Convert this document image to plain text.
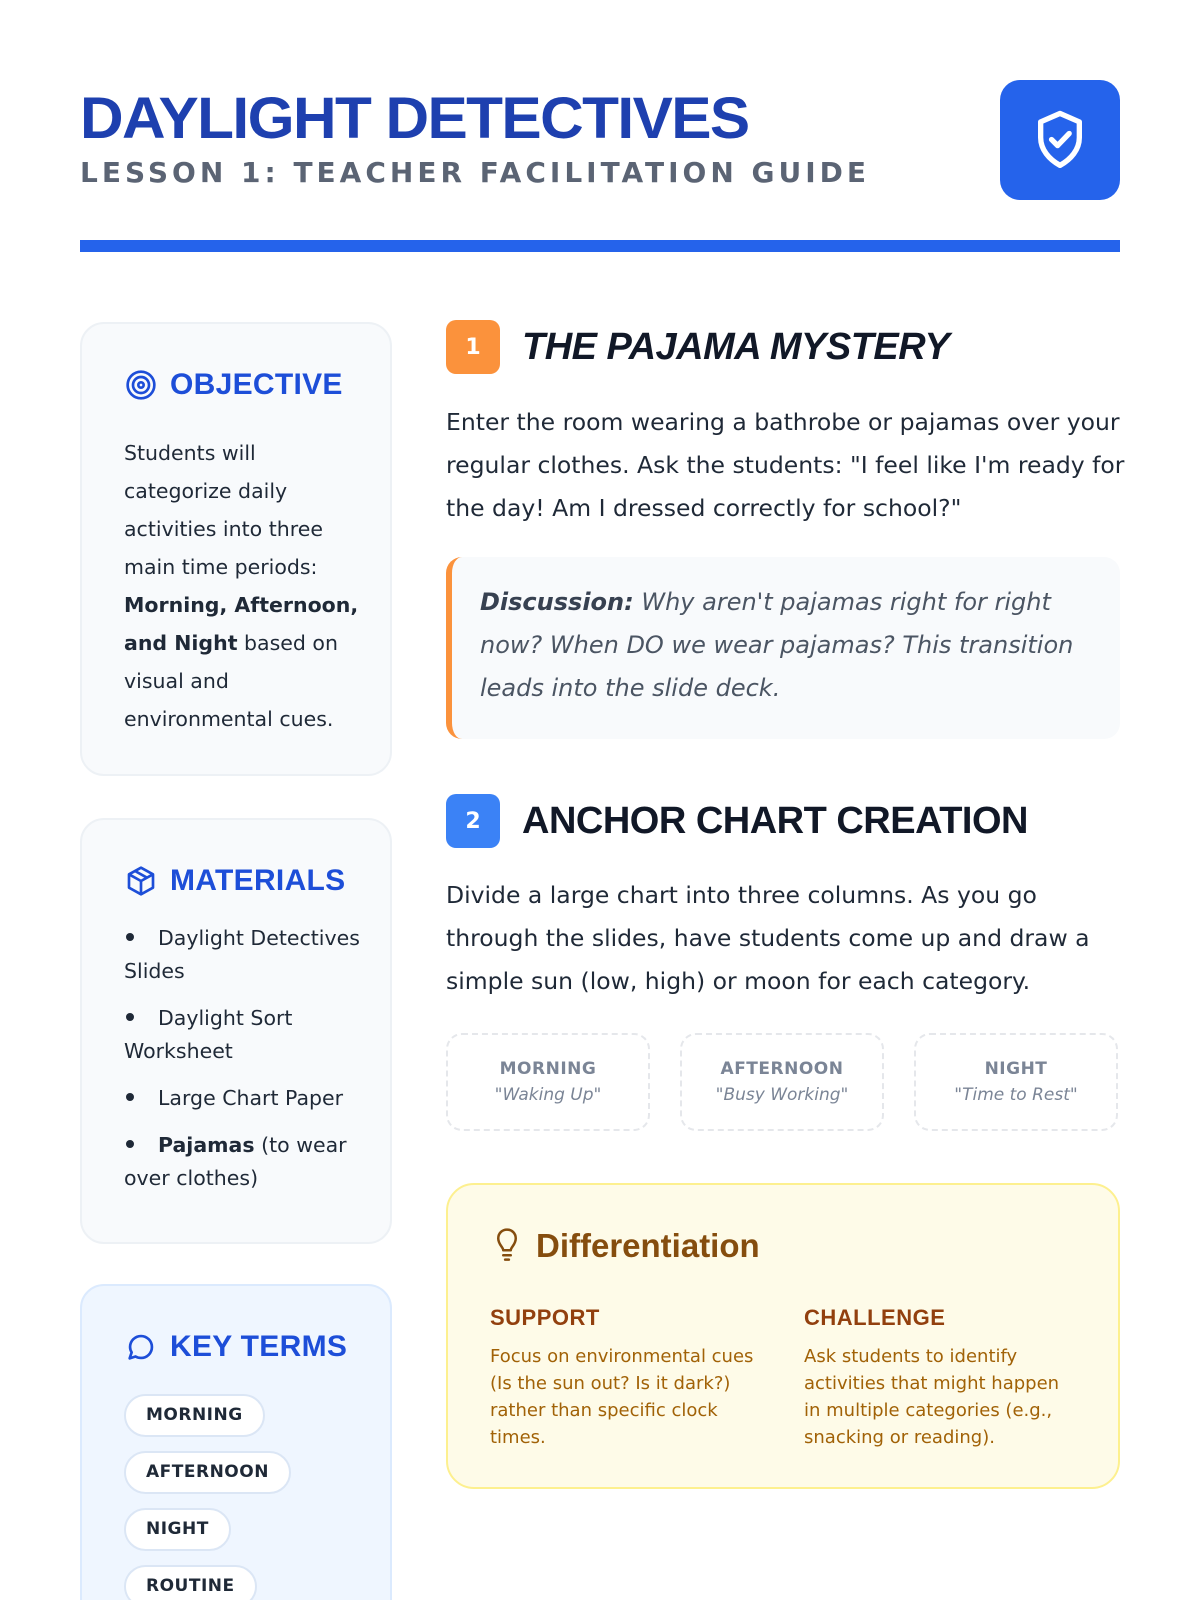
DAYLIGHT DETECTIVES
LESSON 1: TEACHER FACILITATION GUIDE
OBJECTIVE
Students will categorize daily activities into three main time periods: Morning, Afternoon, and Night based on visual and environmental cues.
MATERIALS
Daylight Detectives Slides
Daylight Sort Worksheet
Large Chart Paper
Pajamas (to wear over clothes)
KEY TERMS
MORNING
AFTERNOON
NIGHT
ROUTINE
1	THE PAJAMA MYSTERY
Enter the room wearing a bathrobe or pajamas over your regular clothes. Ask the students: "I feel like I'm ready for the day! Am I dressed correctly for school?"
Discussion: Why aren't pajamas right for right now? When DO we wear pajamas? This transition leads into the slide deck.
2	ANCHOR CHART CREATION
Divide a large chart into three columns. As you go through the slides, have students come up and draw a simple sun (low, high) or moon for each category.
MORNING
"Waking Up"
AFTERNOON
"Busy Working"
NIGHT
"Time to Rest"
Differentiation
SUPPORT
Focus on environmental cues (Is the sun out? Is it dark?) rather than specific clock times.
CHALLENGE
Ask students to identify activities that might happen in multiple categories (e.g., snacking or reading).
